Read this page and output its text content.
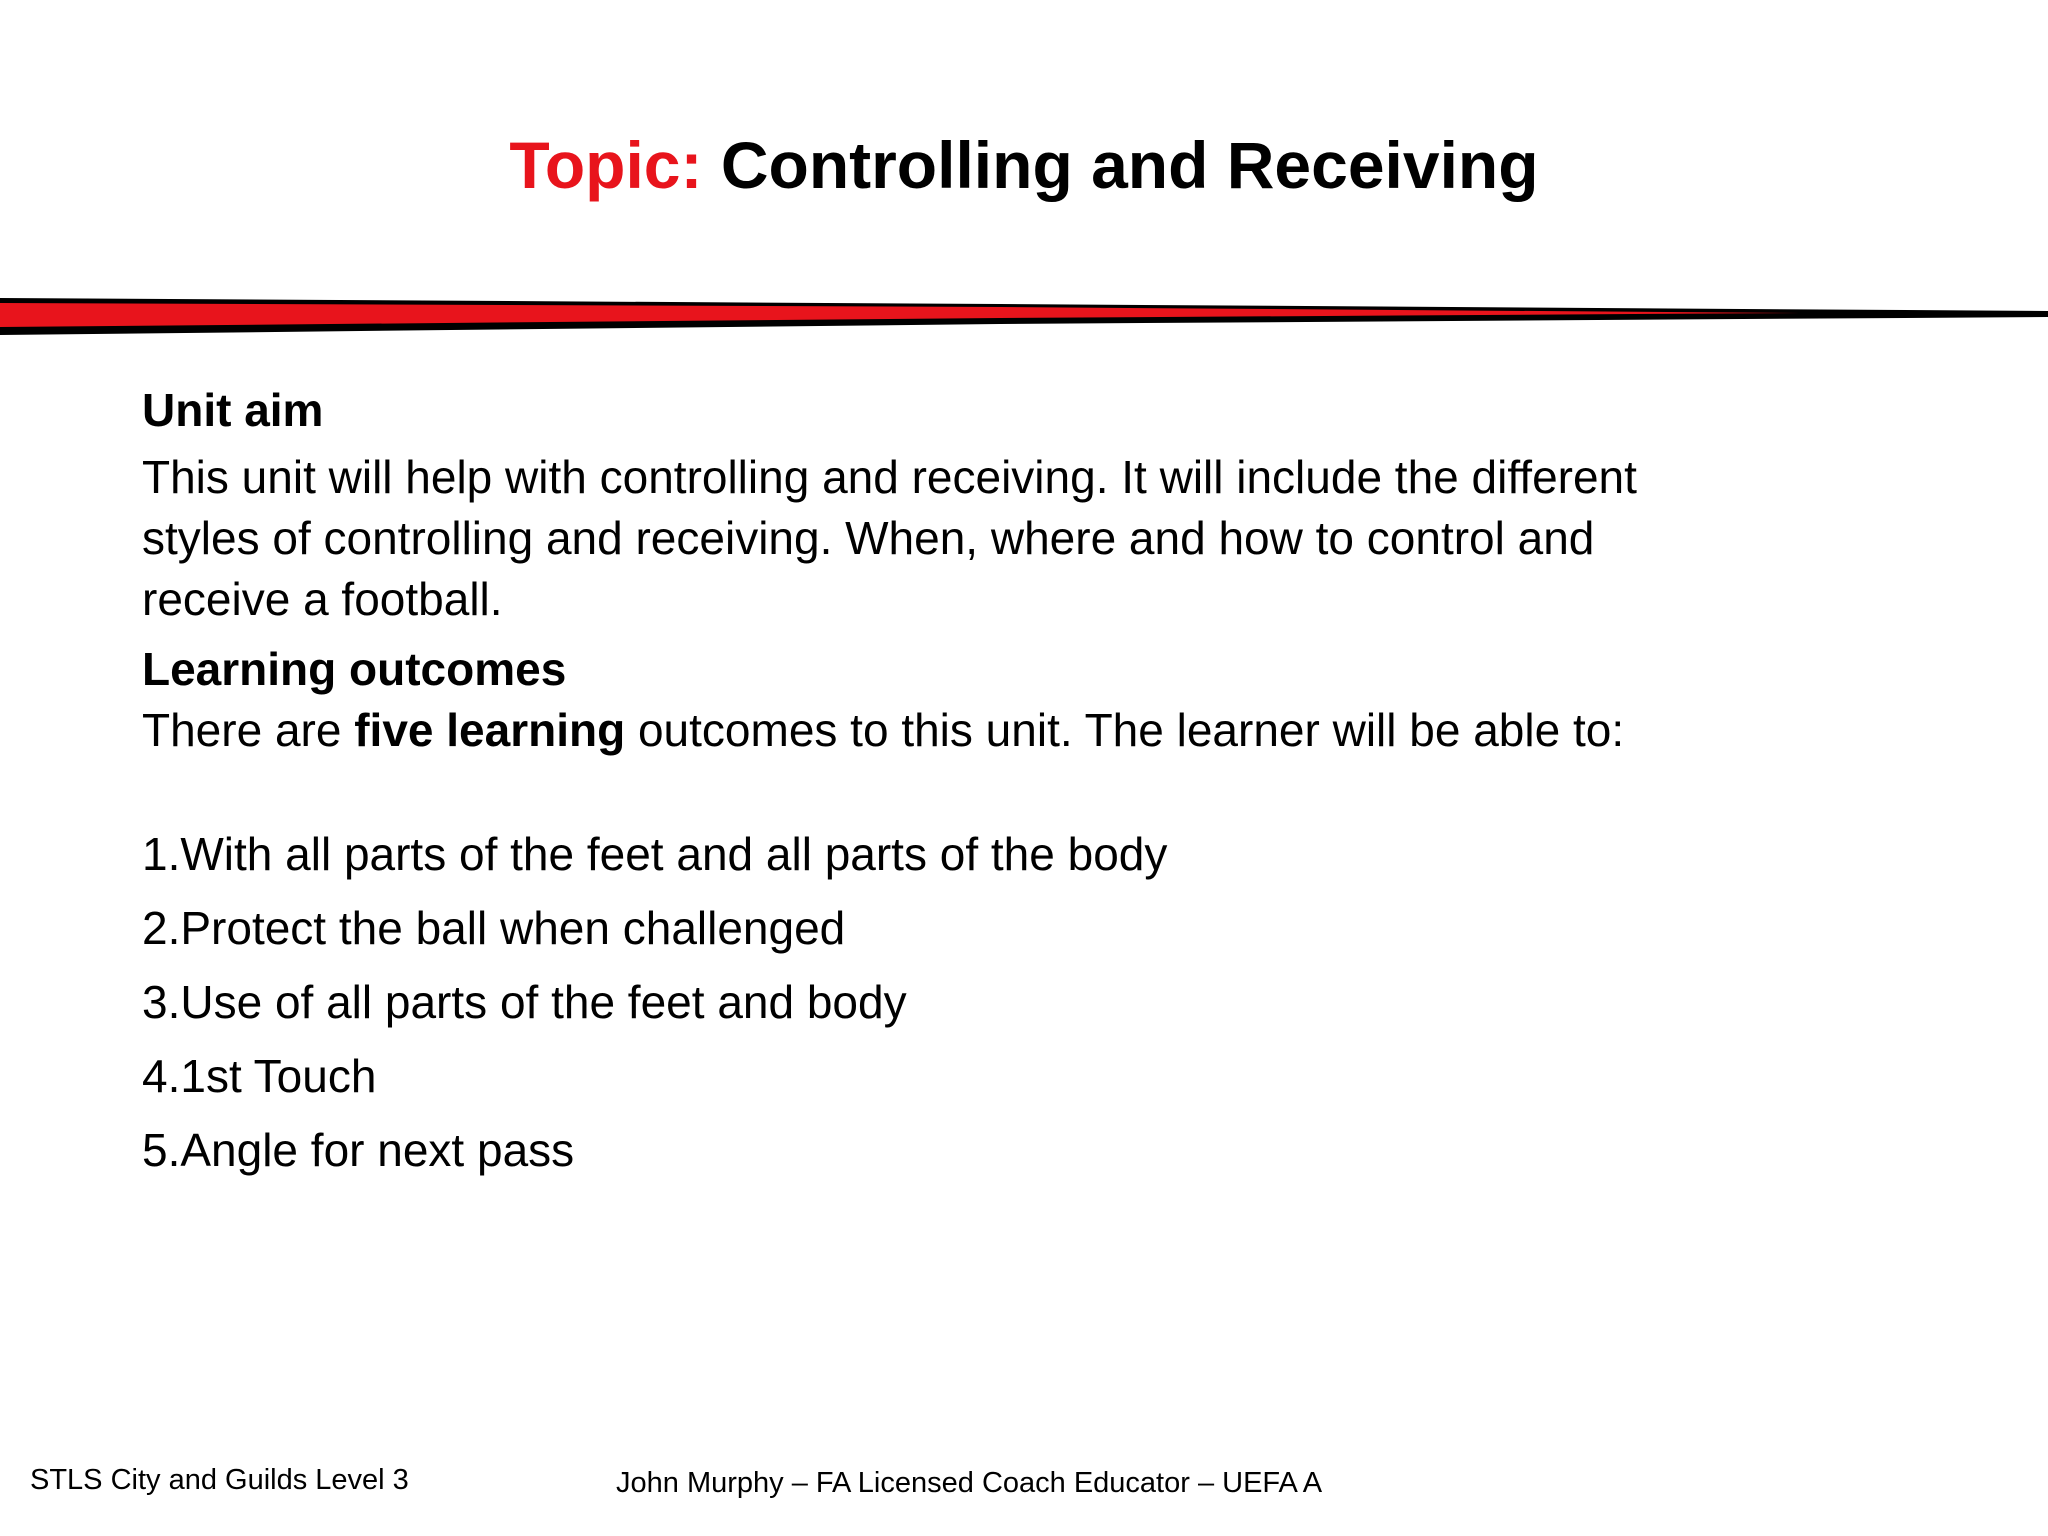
Topic: Controlling and Receiving

Unit aim

This unit will help with controlling and receiving. It will include the different styles of controlling and receiving. When, where and how to control and receive a football.

Learning outcomes

There are five learning outcomes to this unit. The learner will be able to:

1.With all parts of the feet and all parts of the body
2.Protect the ball when challenged
3.Use of all parts of the feet and body
4.1st Touch
5.Angle for next pass
STLS City and Guilds Level 3	John Murphy – FA Licensed Coach Educator – UEFA A
